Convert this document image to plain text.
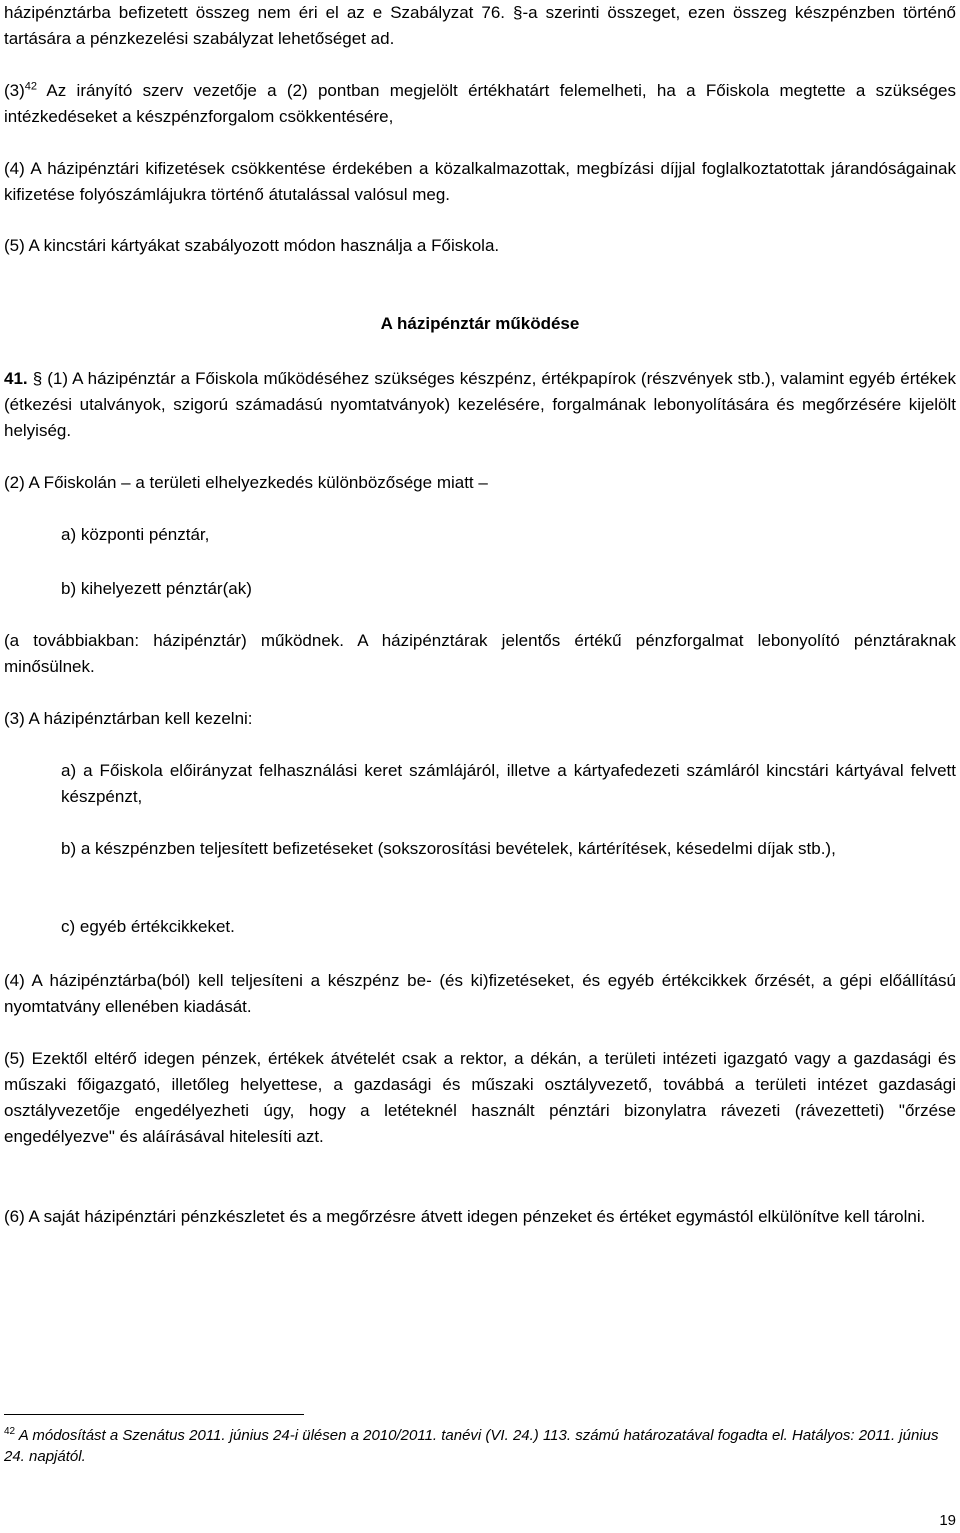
házipénztárba befizetett összeg nem éri el az e Szabályzat 76. §-a szerinti összeget, ezen összeg készpénzben történő tartására a pénzkezelési szabályzat lehetőséget ad.

$(3)^{42}$ Az irányító szerv vezetője a (2) pontban megjelölt értékhatárt felemelheti, ha a Főiskola megtette a szükséges intézkedéseket a készpénzforgalom csökkentésére,

(4) A házipénztári kifizetések csökkentése érdekében a közalkalmazottak, megbízási díjjal foglalkoztatottak járandóságainak kifizetése folyószámlájukra történő átutalással valósul meg.

(5) A kincstári kártyákat szabályozott módon használja a Főiskola.

A házipénztár működése

41. § (1) A házipénztár a Főiskola működéséhez szükséges készpénz, értékpapírok (részvények stb.), valamint egyéb értékek (étkezési utalványok, szigorú számadású nyomtatványok) kezelésére, forgalmának lebonyolítására és megőrzésére kijelölt helyiség.

(2) A Főiskolán – a területi elhelyezkedés különbözősége miatt –

a) központi pénztár,

b) kihelyezett pénztár(ak)

(a továbbiakban: házipénztár) működnek. A házipénztárak jelentős értékű pénzforgalmat lebonyolító pénztáraknak minősülnek.

(3) A házipénztárban kell kezelni:

a) a Főiskola előirányzat felhasználási keret számlájáról, illetve a kártyafedezeti számláról kincstári kártyával felvett készpénzt,

b) a készpénzben teljesített befizetéseket (sokszorosítási bevételek, kártérítések, késedelmi díjak stb.),

c) egyéb értékcikkeket.

(4) A házipénztárba(ból) kell teljesíteni a készpénz be- (és ki)fizetéseket, és egyéb értékcikkek őrzését, a gépi előállítású nyomtatvány ellenében kiadását.

(5) Ezektől eltérő idegen pénzek, értékek átvételét csak a rektor, a dékán, a területi intézeti igazgató vagy a gazdasági és műszaki főigazgató, illetőleg helyettese, a gazdasági és műszaki osztályvezető, továbbá a területi intézet gazdasági osztályvezetője engedélyezheti úgy, hogy a letéteknél használt pénztári bizonylatra rávezeti (rávezetteti) "őrzése engedélyezve" és aláírásával hitelesíti azt.

(6) A saját házipénztári pénzkészletet és a megőrzésre átvett idegen pénzeket és értéket egymástól elkülönítve kell tárolni.

$^{42}$ A módosítást a Szenátus 2011. június 24-i ülésen a 2010/2011. tanévi (VI. 24.) 113. számú határozatával fogadta el. Hatályos: 2011. június 24. napjától.
19
